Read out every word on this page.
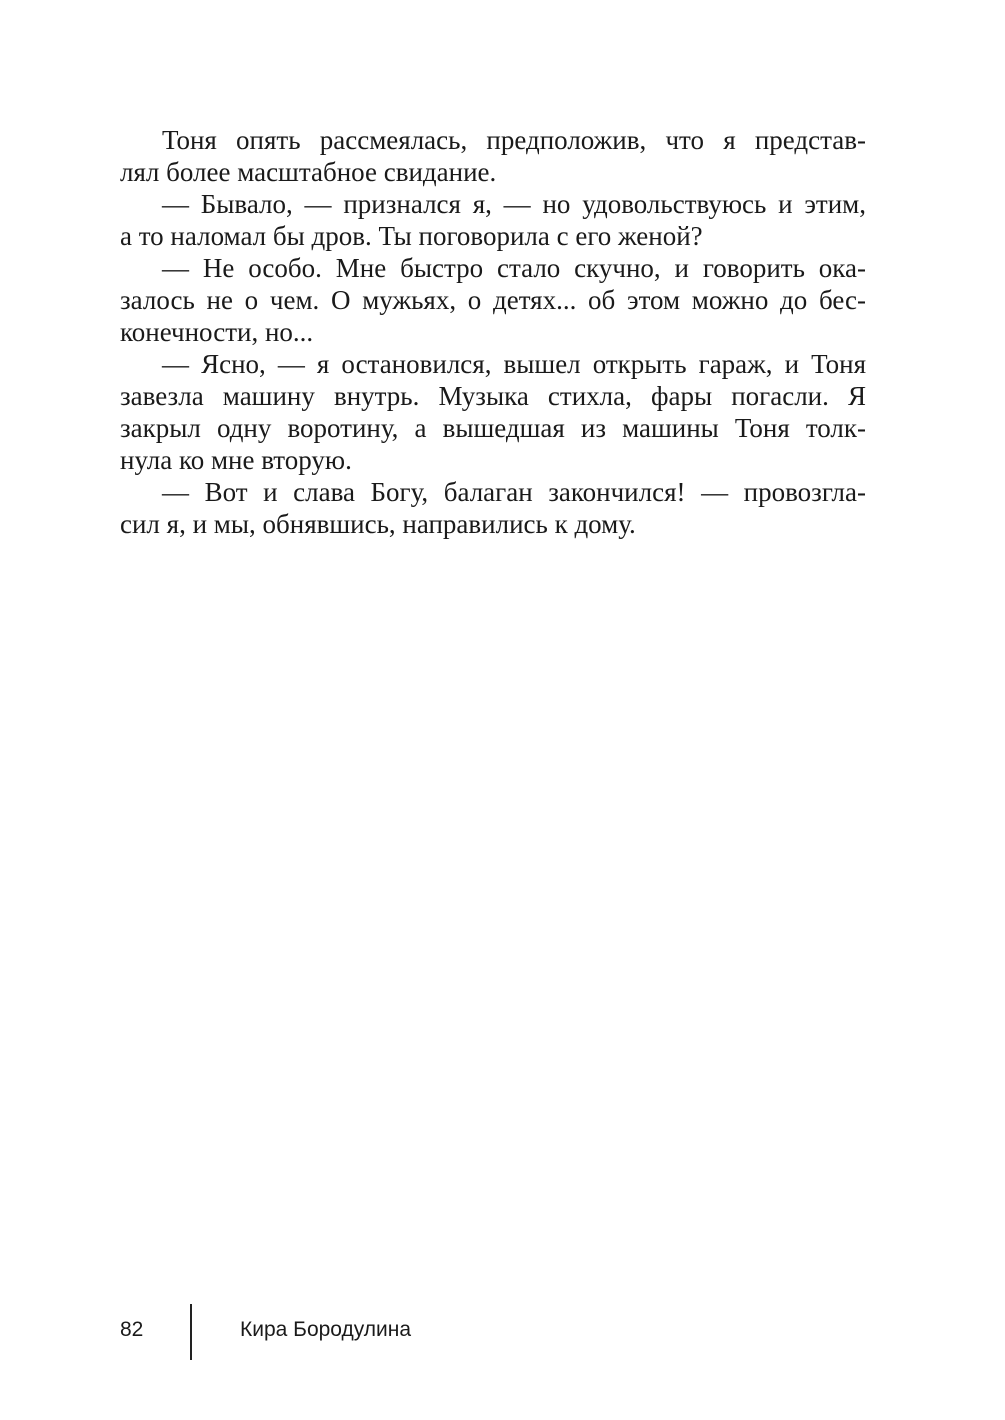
Тоня опять рассмеялась, предположив, что я представ-
лял более масштабное свидание.
— Бывало, — признался я, — но удовольствуюсь и этим,
а то наломал бы дров. Ты поговорила с его женой?
— Не особо. Мне быстро стало скучно, и говорить ока-
залось не о чем. О мужьях, о детях... об этом можно до бес-
конечности, но...
— Ясно, — я остановился, вышел открыть гараж, и Тоня
завезла машину внутрь. Музыка стихла, фары погасли. Я
закрыл одну воротину, а вышедшая из машины Тоня толк-
нула ко мне вторую.
— Вот и слава Богу, балаган закончился! — провозгла-
сил я, и мы, обнявшись, направились к дому.
82	Кира Бородулина
